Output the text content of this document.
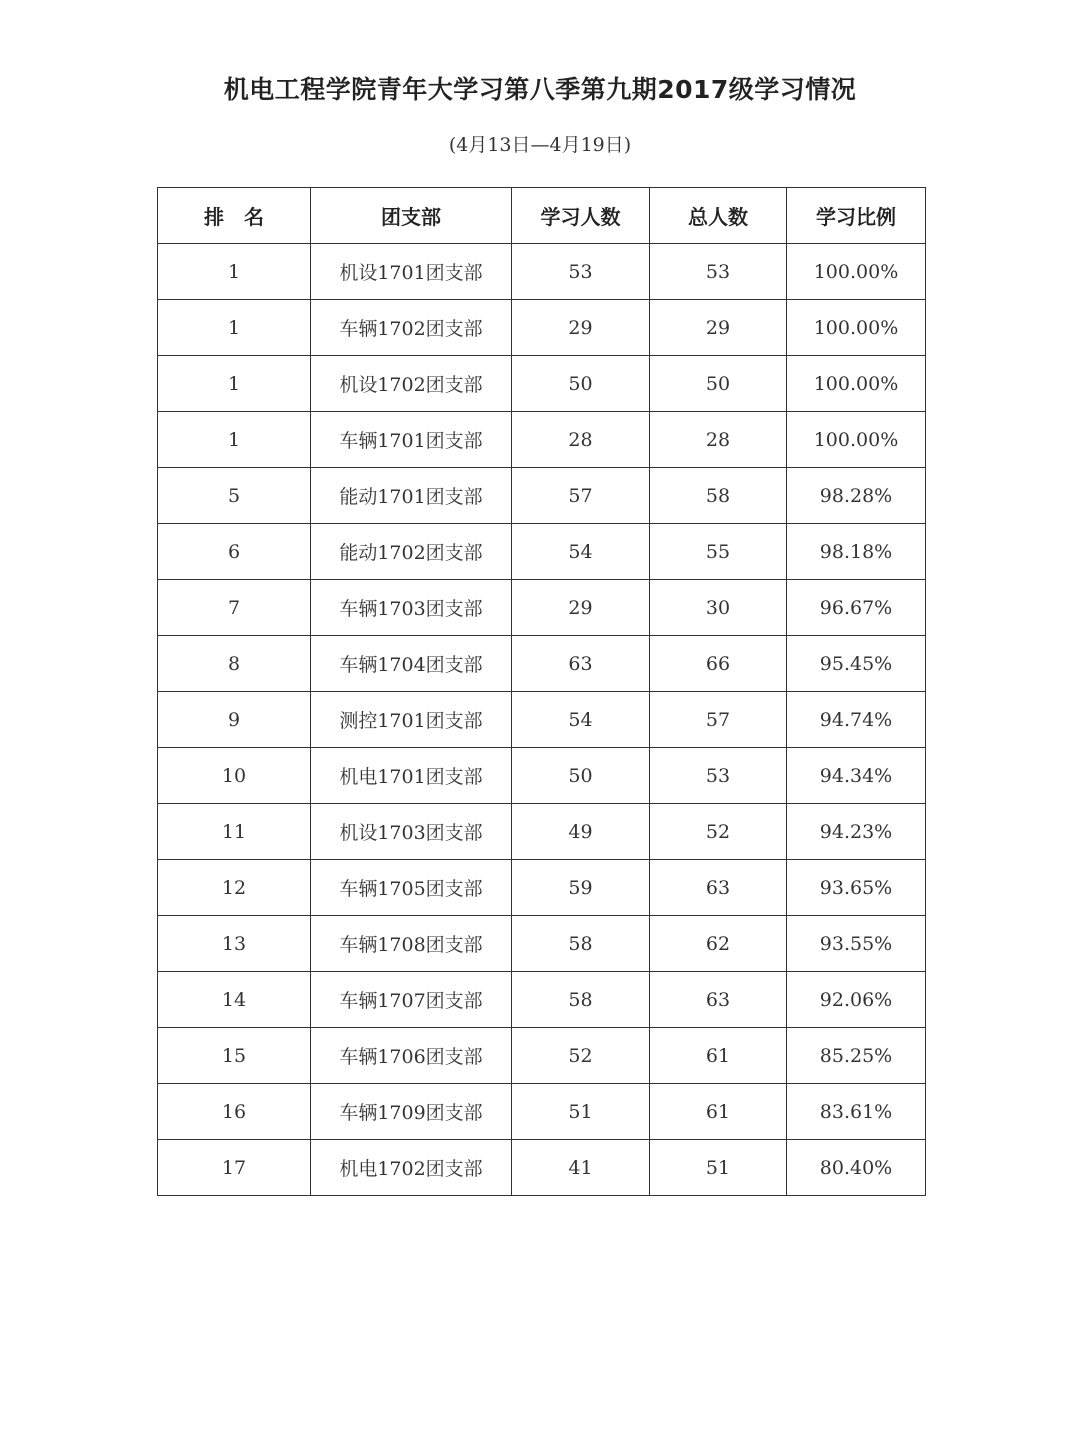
机电工程学院青年大学习第八季第九期2017级学习情况
(4月13日—4月19日)
排　名	团支部	学习人数	总人数	学习比例
1	机设1701团支部	53	53	100.00%
1	车辆1702团支部	29	29	100.00%
1	机设1702团支部	50	50	100.00%
1	车辆1701团支部	28	28	100.00%
5	能动1701团支部	57	58	98.28%
6	能动1702团支部	54	55	98.18%
7	车辆1703团支部	29	30	96.67%
8	车辆1704团支部	63	66	95.45%
9	测控1701团支部	54	57	94.74%
10	机电1701团支部	50	53	94.34%
11	机设1703团支部	49	52	94.23%
12	车辆1705团支部	59	63	93.65%
13	车辆1708团支部	58	62	93.55%
14	车辆1707团支部	58	63	92.06%
15	车辆1706团支部	52	61	85.25%
16	车辆1709团支部	51	61	83.61%
17	机电1702团支部	41	51	80.40%
